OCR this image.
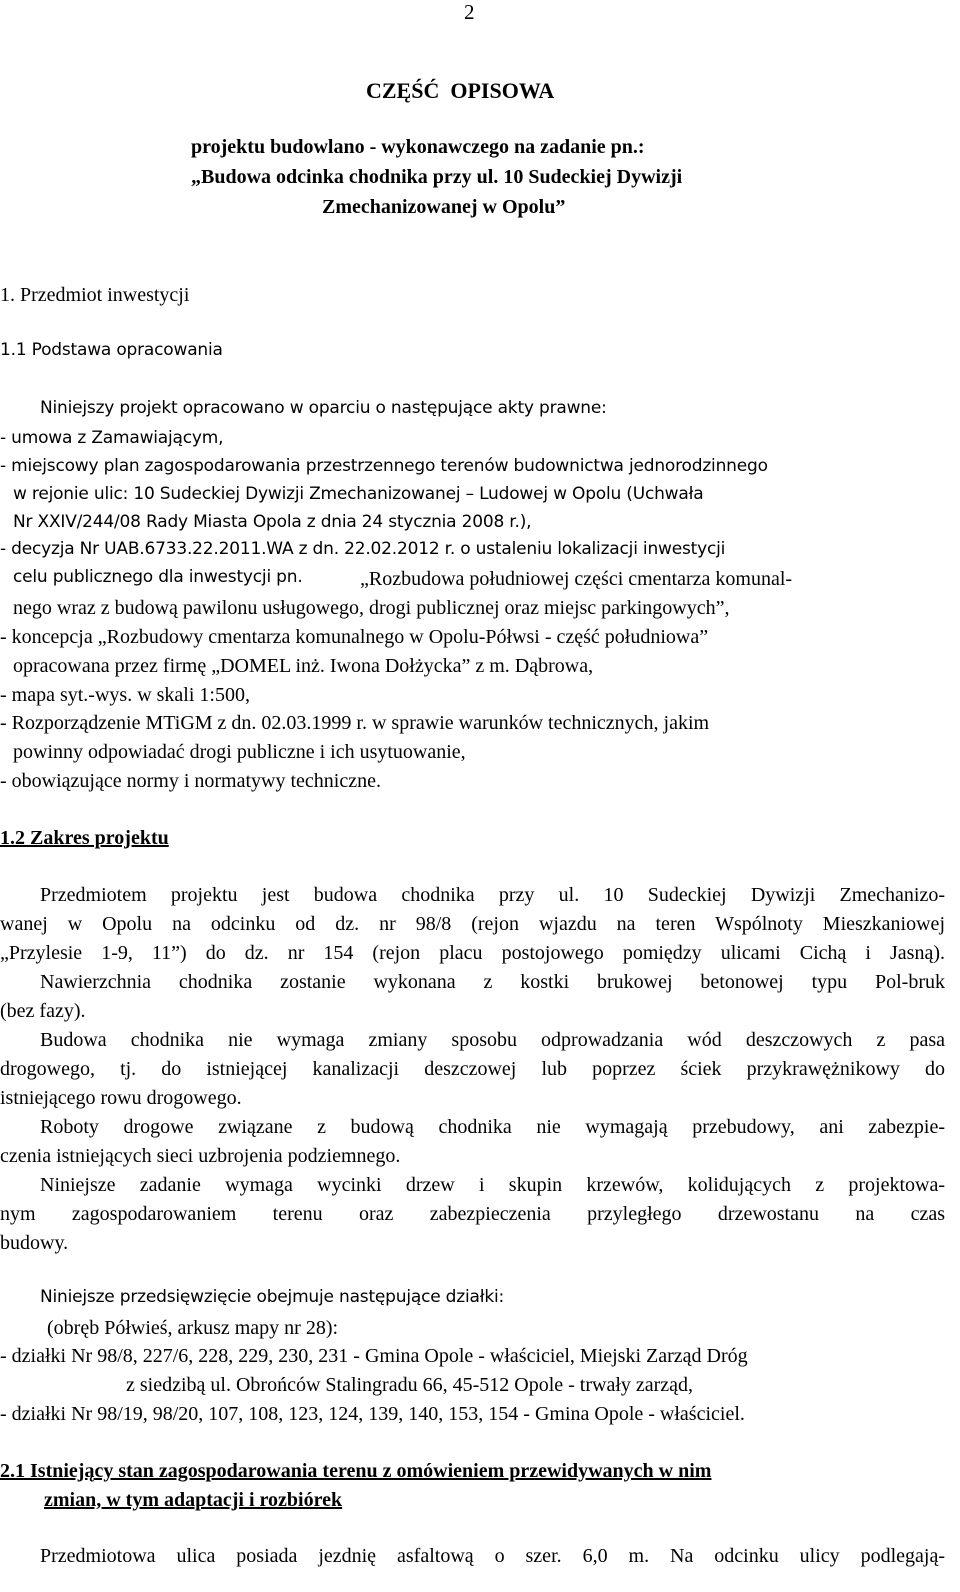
2
CZĘŚĆ  OPISOWA
projektu budowlano - wykonawczego na zadanie pn.:
„Budowa odcinka chodnika przy ul. 10 Sudeckiej Dywizji
Zmechanizowanej w Opolu”
1. Przedmiot inwestycji
1.1 Podstawa opracowania
Niniejszy projekt opracowano w oparciu o następujące akty prawne:
- umowa z Zamawiającym,
- miejscowy plan zagospodarowania przestrzennego terenów budownictwa jednorodzinnego
w rejonie ulic: 10 Sudeckiej Dywizji Zmechanizowanej – Ludowej w Opolu (Uchwała
Nr XXIV/244/08 Rady Miasta Opola z dnia 24 stycznia 2008 r.),
- decyzja Nr UAB.6733.22.2011.WA z dn. 22.02.2012 r. o ustaleniu lokalizacji inwestycji
celu publicznego dla inwestycji pn.	„Rozbudowa południowej części cmentarza komunal-
nego wraz z budową pawilonu usługowego, drogi publicznej oraz miejsc parkingowych”,
- koncepcja „Rozbudowy cmentarza komunalnego w Opolu-Półwsi - część południowa”
opracowana przez firmę „DOMEL inż. Iwona Dołżycka” z m. Dąbrowa,
- mapa syt.-wys. w skali 1:500,
- Rozporządzenie MTiGM z dn. 02.03.1999 r. w sprawie warunków technicznych, jakim
powinny odpowiadać drogi publiczne i ich usytuowanie,
- obowiązujące normy i normatywy techniczne.
1.2 Zakres projektu
Przedmiotem projektu jest budowa chodnika przy ul. 10 Sudeckiej Dywizji Zmechanizo-
wanej w Opolu na odcinku od dz. nr 98/8 (rejon wjazdu na teren Wspólnoty Mieszkaniowej
„Przylesie 1-9, 11”) do dz. nr 154 (rejon placu postojowego pomiędzy ulicami Cichą i Jasną).
Nawierzchnia chodnika zostanie wykonana z kostki brukowej betonowej typu Pol-bruk
(bez fazy).
Budowa chodnika nie wymaga zmiany sposobu odprowadzania wód deszczowych z pasa
drogowego, tj. do istniejącej kanalizacji deszczowej lub poprzez ściek przykrawężnikowy do
istniejącego rowu drogowego.
Roboty drogowe związane z budową chodnika nie wymagają przebudowy, ani zabezpie-
czenia istniejących sieci uzbrojenia podziemnego.
Niniejsze zadanie wymaga wycinki drzew i skupin krzewów, kolidujących z projektowa-
nym  zagospodarowaniem  terenu  oraz  zabezpieczenia  przyległego  drzewostanu  na  czas
budowy.
Niniejsze przedsięwzięcie obejmuje następujące działki:
(obręb Półwieś, arkusz mapy nr 28):
- działki Nr 98/8, 227/6, 228, 229, 230, 231 - Gmina Opole - właściciel, Miejski Zarząd Dróg
z siedzibą ul. Obrońców Stalingradu 66, 45-512 Opole - trwały zarząd,
- działki Nr 98/19, 98/20, 107, 108, 123, 124, 139, 140, 153, 154 - Gmina Opole - właściciel.
2.1 Istniejący stan zagospodarowania terenu z omówieniem przewidywanych w nim
zmian, w tym adaptacji i rozbiórek
Przedmiotowa ulica posiada jezdnię asfaltową o szer. 6,0 m. Na odcinku ulicy podlegają-
